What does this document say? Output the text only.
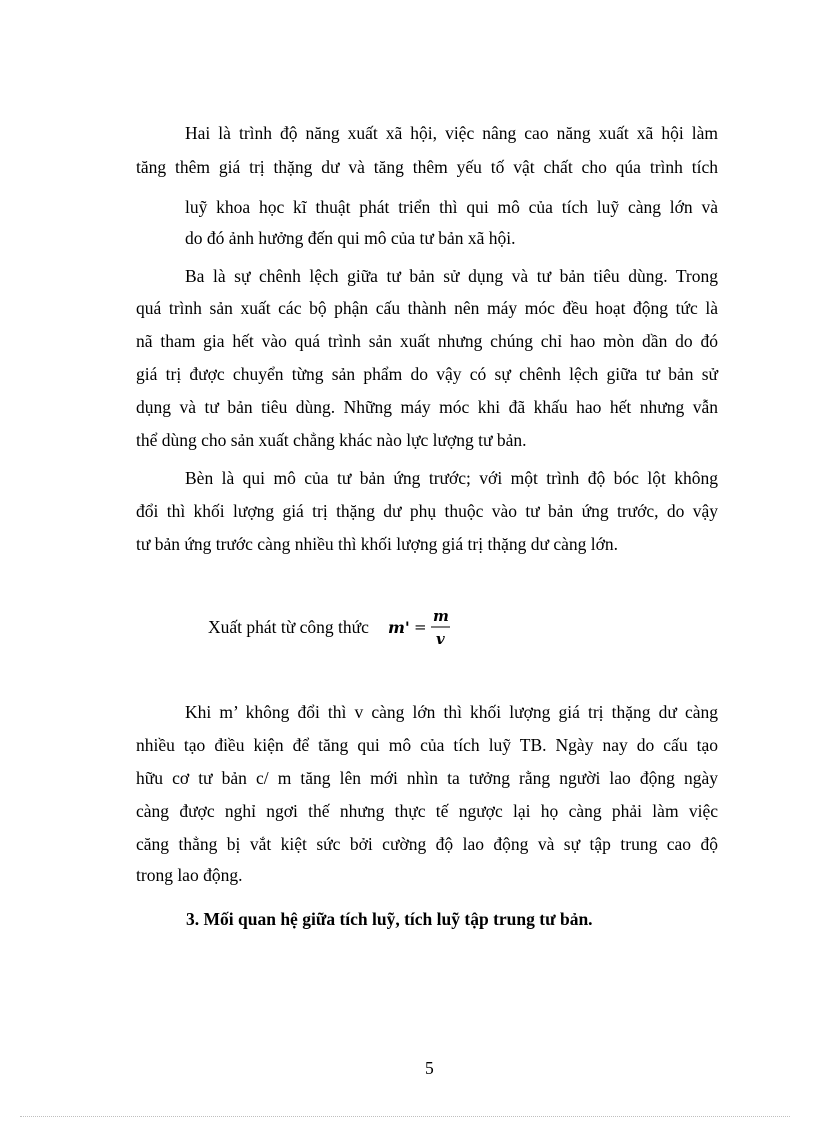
Hai là trình độ năng xuất xã hội, việc nâng cao năng xuất xã hội làm
tăng thêm giá trị thặng dư và tăng thêm yếu tố vật chất cho qúa trình tích
luỹ khoa học kĩ thuật phát triển thì qui mô của tích luỹ càng lớn và
do đó ảnh hưởng đến qui mô của tư bản xã hội.
Ba là sự chênh lệch giữa tư bản sử dụng và tư bản tiêu dùng. Trong
quá trình sản xuất các bộ phận cấu thành nên máy móc đều hoạt động tức là
nã tham gia hết vào quá trình sản xuất nhưng chúng chỉ hao mòn dần do đó
giá trị được chuyển từng sản phẩm do vậy có sự chênh lệch giữa tư bản sử
dụng và tư bản tiêu dùng. Những máy móc khi đã khấu hao hết nhưng vẫn
thể dùng cho sản xuất chẳng khác nào lực lượng tư bản.
Bèn là qui mô của tư bản ứng trước; với một trình độ bóc lột không
đổi thì khối lượng giá trị thặng dư phụ thuộc vào tư bản ứng trước, do vậy
tư bản ứng trước càng nhiều thì khối lượng giá trị thặng dư càng lớn.
Xuất phát từ công thức m' =
m
v
Khi m’ không đổi thì v càng lớn thì khối lượng giá trị thặng dư càng
nhiều tạo điều kiện để tăng qui mô của tích luỹ TB. Ngày nay do cấu tạo
hữu cơ tư bản c/ m tăng lên mới nhìn ta tưởng rằng người lao động ngày
càng được nghỉ ngơi thế nhưng thực tế ngược lại họ càng phải làm việc
căng thẳng bị vắt kiệt sức bởi cường độ lao động và sự tập trung cao độ
trong lao động.
3. Mối quan hệ giữa tích luỹ, tích luỹ tập trung tư bản.
5
